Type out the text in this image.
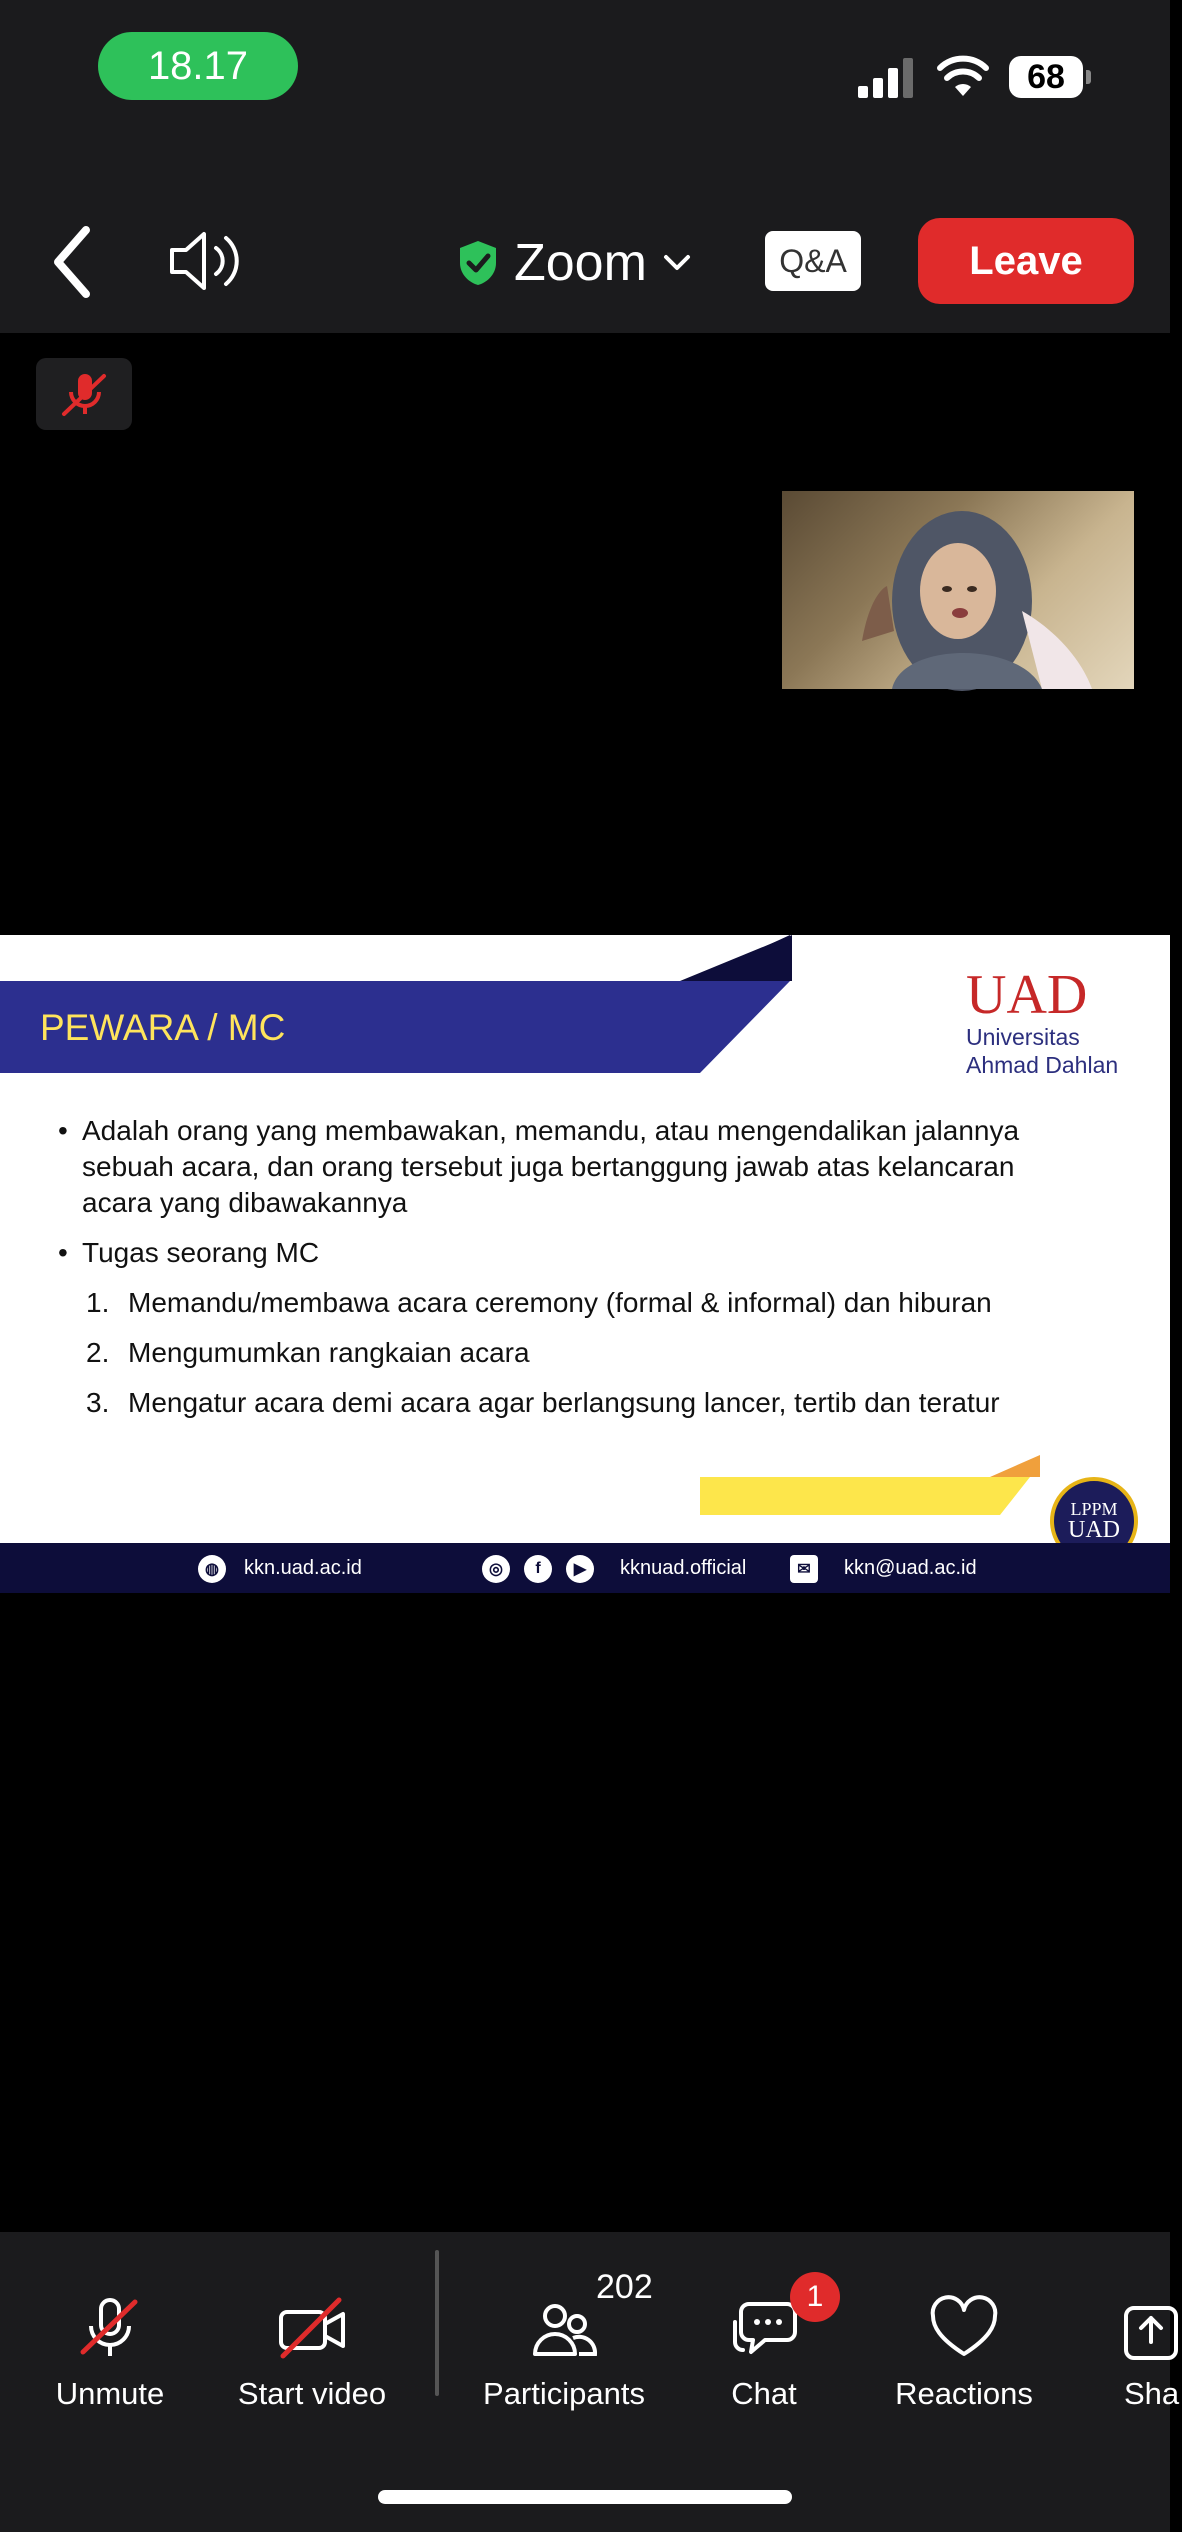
18.17	68
Zoom	Q&A	Leave
PEWARA / MC
UAD
Universitas
Ahmad Dahlan
• Adalah orang yang membawakan, memandu, atau mengendalikan jalannya sebuah acara, dan orang tersebut juga bertanggung jawab atas kelancaran acara yang dibawakannya
• Tugas seorang MC
1. Memandu/membawa acara ceremony (formal & informal) dan hiburan
2. Mengumumkan rangkaian acara
3. Mengatur acara demi acara agar berlangsung lancer, tertib dan teratur
LPPM
UAD
◍	kkn.uad.ac.id	◎	f	▶	kknuad.official	✉	kkn@uad.ac.id
Unmute Start video	Participants
202
Chat
1
Reactions	Sha
